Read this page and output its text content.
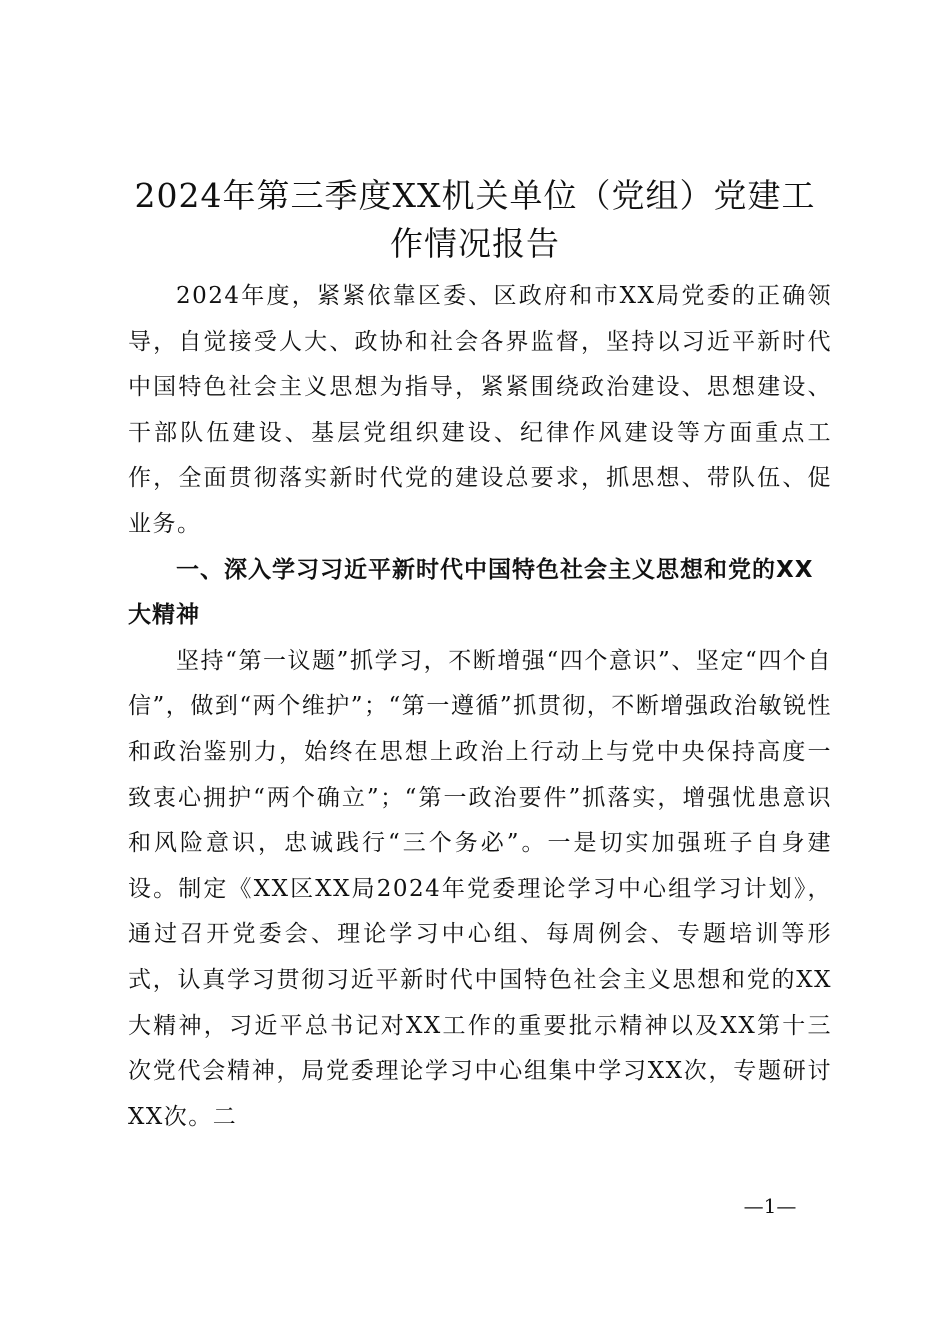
2024年第三季度XX机关单位（党组）党建工作情况报告

2024年度，紧紧依靠区委、区政府和市XX局党委的正确领导，自觉接受人大、政协和社会各界监督，坚持以习近平新时代中国特色社会主义思想为指导，紧紧围绕政治建设、思想建设、干部队伍建设、基层党组织建设、纪律作风建设等方面重点工作，全面贯彻落实新时代党的建设总要求，抓思想、带队伍、促业务。

一、深入学习习近平新时代中国特色社会主义思想和党的XX大精神

坚持“第一议题”抓学习，不断增强“四个意识”、坚定“四个自信”，做到“两个维护”；“第一遵循”抓贯彻，不断增强政治敏锐性和政治鉴别力，始终在思想上政治上行动上与党中央保持高度一致衷心拥护“两个确立”；“第一政治要件”抓落实，增强忧患意识和风险意识，忠诚践行“三个务必”。一是切实加强班子自身建设。制定《XX区XX局2024年党委理论学习中心组学习计划》，通过召开党委会、理论学习中心组、每周例会、专题培训等形式，认真学习贯彻习近平新时代中国特色社会主义思想和党的XX大精神，习近平总书记对XX工作的重要批示精神以及XX第十三次党代会精神，局党委理论学习中心组集中学习XX次，专题研讨XX次。二

—1—
